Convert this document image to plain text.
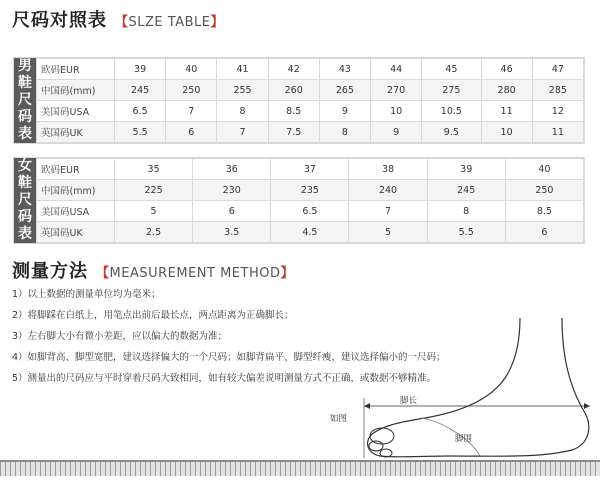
尺码对照表 【SLZE TABLE】
男
鞋
尺
码
表
欧码EUR	39	40	41	42	43	44	45	46	47
中国码(mm)	245	250	255	260	265	270	275	280	285
美国码USA	6.5	7	8	8.5	9	10	10.5	11	12
英国码UK	5.5	6	7	7.5	8	9	9.5	10	11
女
鞋
尺
码
表
欧码EUR	35	36	37	38	39	40
中国码(mm)	225	230	235	240	245	250
美国码USA	5	6	6.5	7	8	8.5
英国码UK	2.5	3.5	4.5	5	5.5	6
测量方法 【MEASUREMENT METHOD】
1）以上数据的测量单位均为毫米；
2）将脚踩在白纸上，用笔点出前后最长点，两点距离为正确脚长；
3）左右脚大小有微小差距，应以偏大的数据为准；
4）如脚背高、脚型宽肥，建议选择偏大的一个尺码；如脚背扁平、脚型纤瘦，建议选择偏小的一尺码；
5）测量出的尺码应与平时穿着尺码大致相同，如有较大偏差说明测量方式不正确，或数据不够精准。
脚长
如图
脚围
